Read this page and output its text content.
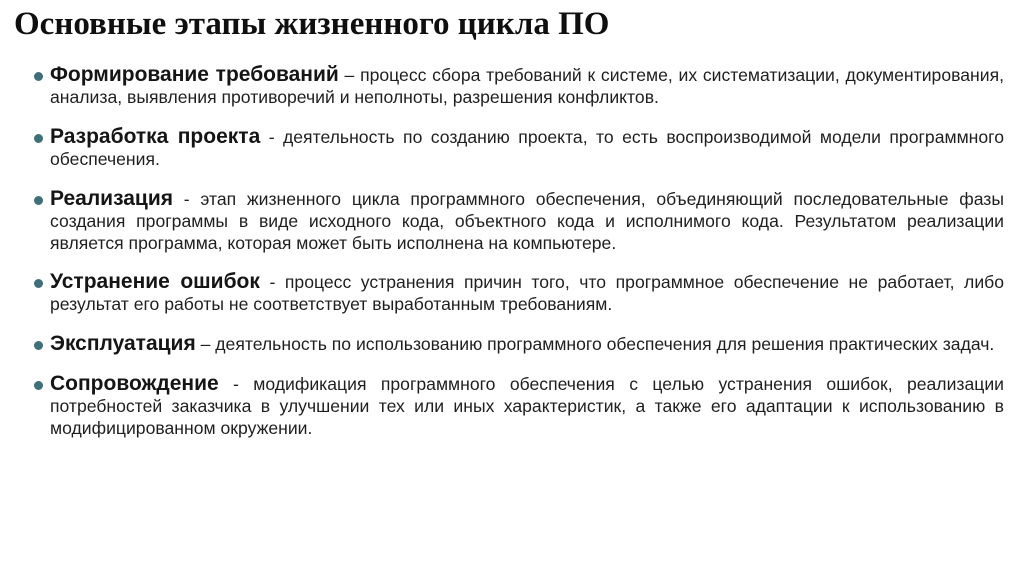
Основные этапы жизненного цикла ПО
Формирование требований – процесс сбора требований к системе, их систематизации, документирования, анализа, выявления противоречий и неполноты, разрешения конфликтов.
Разработка проекта - деятельность по созданию проекта, то есть воспроизводимой модели программного обеспечения.
Реализация - этап жизненного цикла программного обеспечения, объединяющий последовательные фазы создания программы в виде исходного кода, объектного кода и исполнимого кода. Результатом реализации является программа, которая может быть исполнена на компьютере.
Устранение ошибок - процесс устранения причин того, что программное обеспечение не работает, либо результат его работы не соответствует выработанным требованиям.
Эксплуатация – деятельность по использованию программного обеспечения для решения практических задач.
Сопровождение - модификация программного обеспечения с целью устранения ошибок, реализации потребностей заказчика в улучшении тех или иных характеристик, а также его адаптации к использованию в модифицированном окружении.
